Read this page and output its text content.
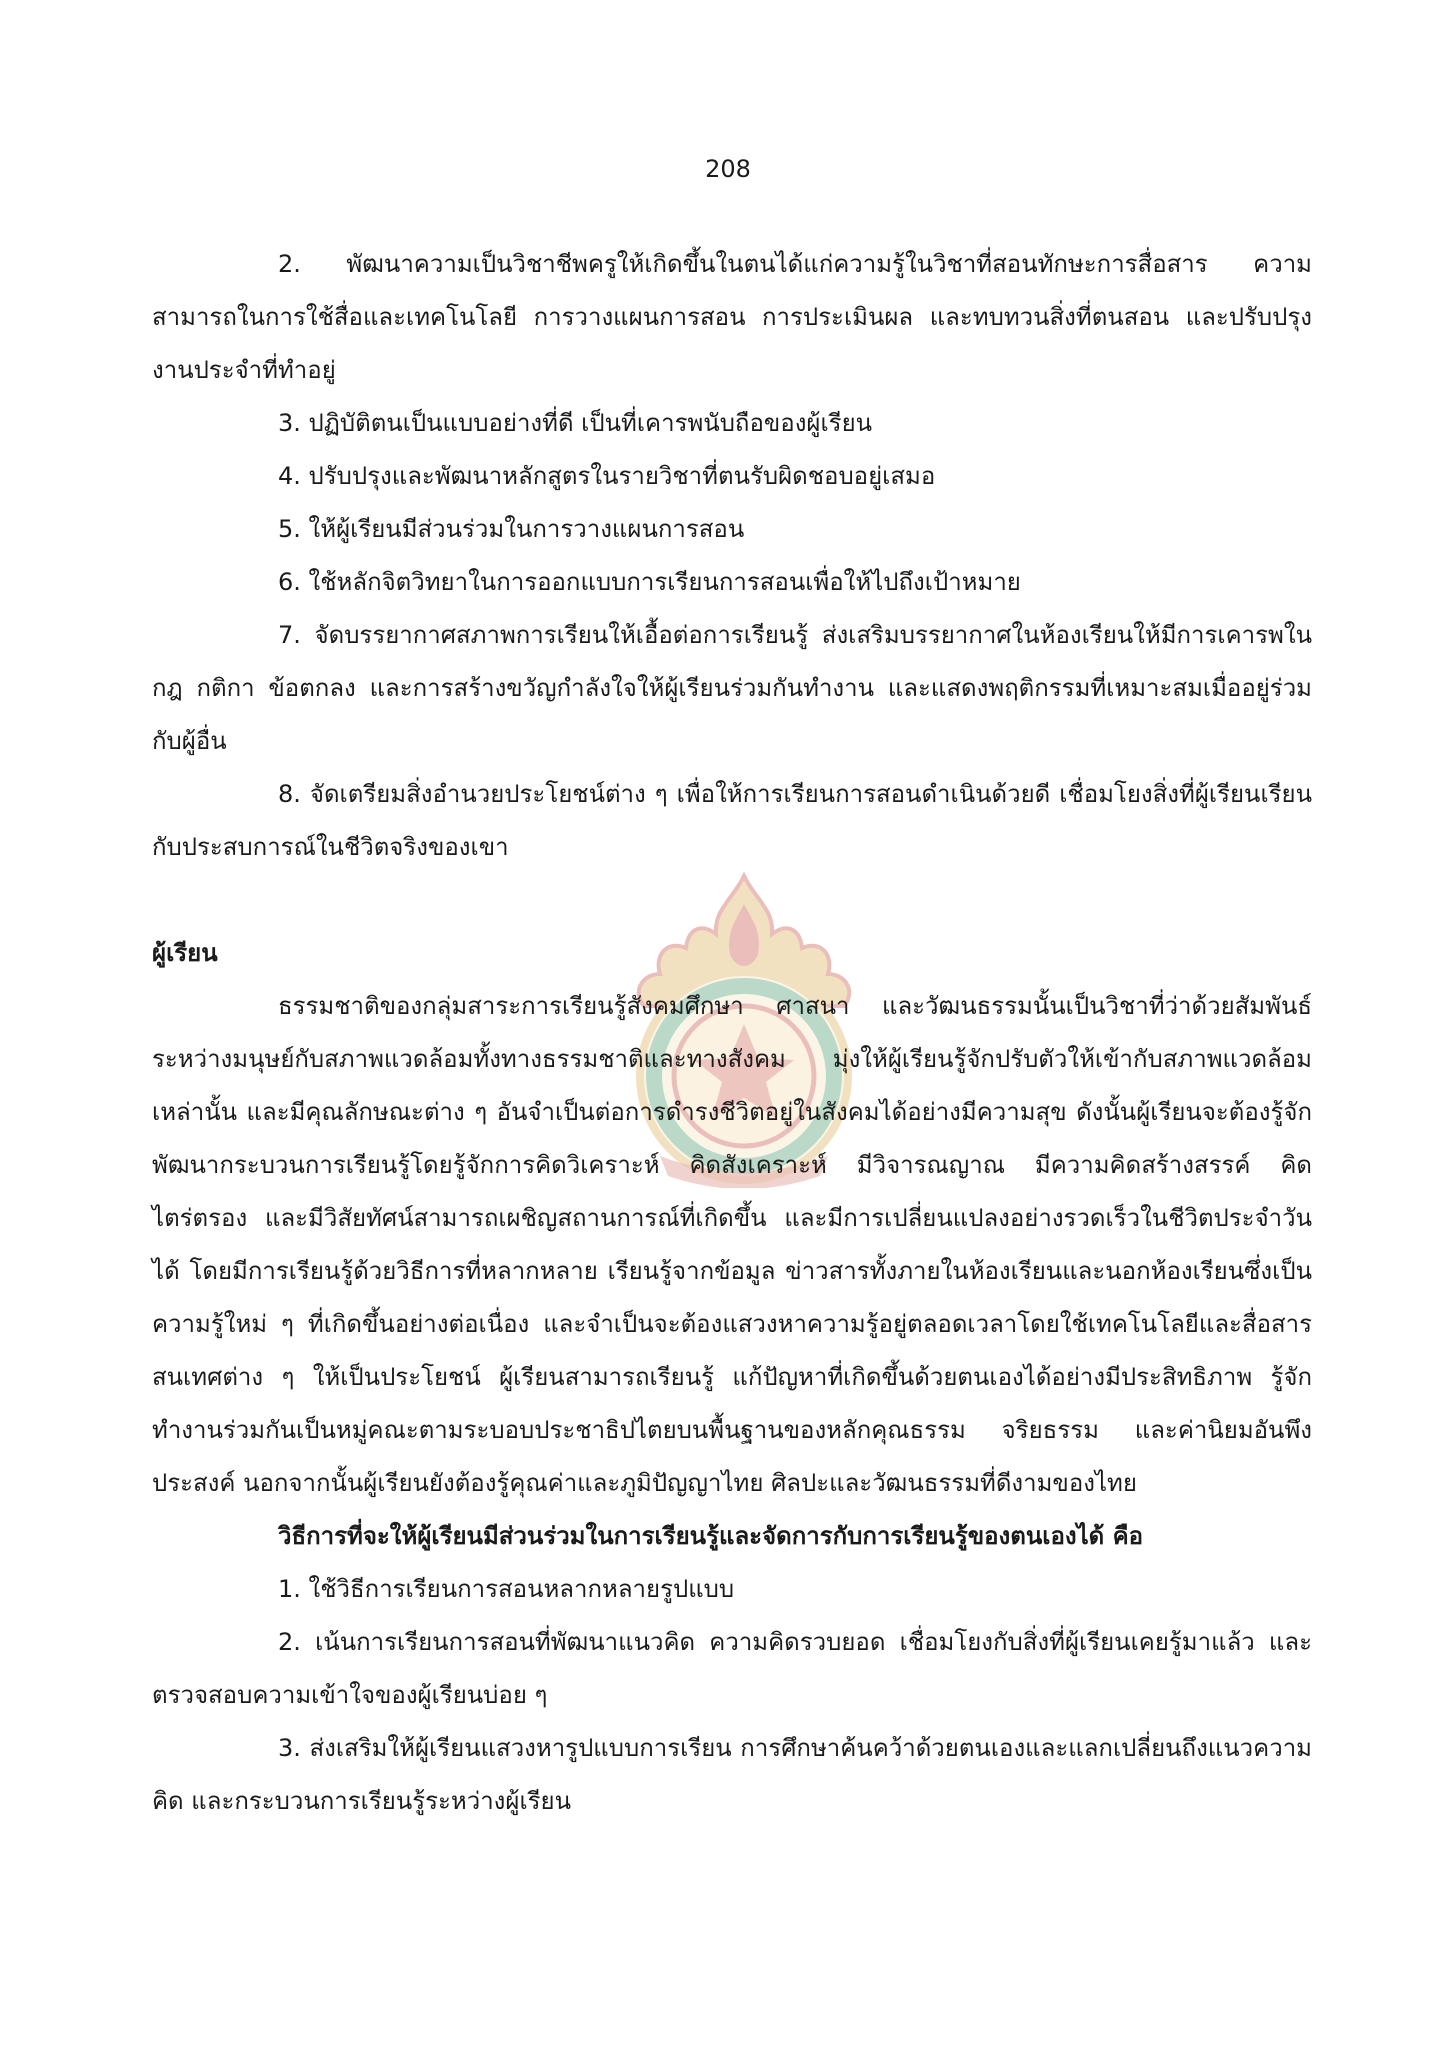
208

2. พัฒนาความเป็นวิชาชีพครูให้เกิดขึ้นในตนได้แก่ความรู้ในวิชาที่สอนทักษะการสื่อสาร ความสามารถในการใช้สื่อและเทคโนโลยี การวางแผนการสอน การประเมินผล และทบทวนสิ่งที่ตนสอน และปรับปรุงงานประจำที่ทำอยู่

3. ปฏิบัติตนเป็นแบบอย่างที่ดี เป็นที่เคารพนับถือของผู้เรียน

4. ปรับปรุงและพัฒนาหลักสูตรในรายวิชาที่ตนรับผิดชอบอยู่เสมอ

5. ให้ผู้เรียนมีส่วนร่วมในการวางแผนการสอน

6. ใช้หลักจิตวิทยาในการออกแบบการเรียนการสอนเพื่อให้ไปถึงเป้าหมาย

7. จัดบรรยากาศสภาพการเรียนให้เอื้อต่อการเรียนรู้ ส่งเสริมบรรยากาศในห้องเรียนให้มีการเคารพในกฎ กติกา ข้อตกลง และการสร้างขวัญกำลังใจให้ผู้เรียนร่วมกันทำงาน และแสดงพฤติกรรมที่เหมาะสมเมื่ออยู่ร่วมกับผู้อื่น

8. จัดเตรียมสิ่งอำนวยประโยชน์ต่าง ๆ เพื่อให้การเรียนการสอนดำเนินด้วยดี เชื่อมโยงสิ่งที่ผู้เรียนเรียนกับประสบการณ์ในชีวิตจริงของเขา

ผู้เรียน

ธรรมชาติของกลุ่มสาระการเรียนรู้สังคมศึกษา ศาสนา และวัฒนธรรมนั้นเป็นวิชาที่ว่าด้วยสัมพันธ์ระหว่างมนุษย์กับสภาพแวดล้อมทั้งทางธรรมชาติและทางสังคม มุ่งให้ผู้เรียนรู้จักปรับตัวให้เข้ากับสภาพแวดล้อมเหล่านั้น และมีคุณลักษณะต่าง ๆ อันจำเป็นต่อการดำรงชีวิตอยู่ในสังคมได้อย่างมีความสุข ดังนั้นผู้เรียนจะต้องรู้จักพัฒนากระบวนการเรียนรู้โดยรู้จักการคิดวิเคราะห์ คิดสังเคราะห์ มีวิจารณญาณ มีความคิดสร้างสรรค์ คิดไตร่ตรอง และมีวิสัยทัศน์สามารถเผชิญสถานการณ์ที่เกิดขึ้น และมีการเปลี่ยนแปลงอย่างรวดเร็วในชีวิตประจำวันได้ โดยมีการเรียนรู้ด้วยวิธีการที่หลากหลาย เรียนรู้จากข้อมูล ข่าวสารทั้งภายในห้องเรียนและนอกห้องเรียนซึ่งเป็นความรู้ใหม่ ๆ ที่เกิดขึ้นอย่างต่อเนื่อง และจำเป็นจะต้องแสวงหาความรู้อยู่ตลอดเวลาโดยใช้เทคโนโลยีและสื่อสารสนเทศต่าง ๆ ให้เป็นประโยชน์ ผู้เรียนสามารถเรียนรู้ แก้ปัญหาที่เกิดขึ้นด้วยตนเองได้อย่างมีประสิทธิภาพ รู้จักทำงานร่วมกันเป็นหมู่คณะตามระบอบประชาธิปไตยบนพื้นฐานของหลักคุณธรรม จริยธรรม และค่านิยมอันพึงประสงค์ นอกจากนั้นผู้เรียนยังต้องรู้คุณค่าและภูมิปัญญาไทย ศิลปะและวัฒนธรรมที่ดีงามของไทย

วิธีการที่จะให้ผู้เรียนมีส่วนร่วมในการเรียนรู้และจัดการกับการเรียนรู้ของตนเองได้ คือ

1. ใช้วิธีการเรียนการสอนหลากหลายรูปแบบ

2. เน้นการเรียนการสอนที่พัฒนาแนวคิด ความคิดรวบยอด เชื่อมโยงกับสิ่งที่ผู้เรียนเคยรู้มาแล้ว และตรวจสอบความเข้าใจของผู้เรียนบ่อย ๆ

3. ส่งเสริมให้ผู้เรียนแสวงหารูปแบบการเรียน การศึกษาค้นคว้าด้วยตนเองและแลกเปลี่ยนถึงแนวความคิด และกระบวนการเรียนรู้ระหว่างผู้เรียน
